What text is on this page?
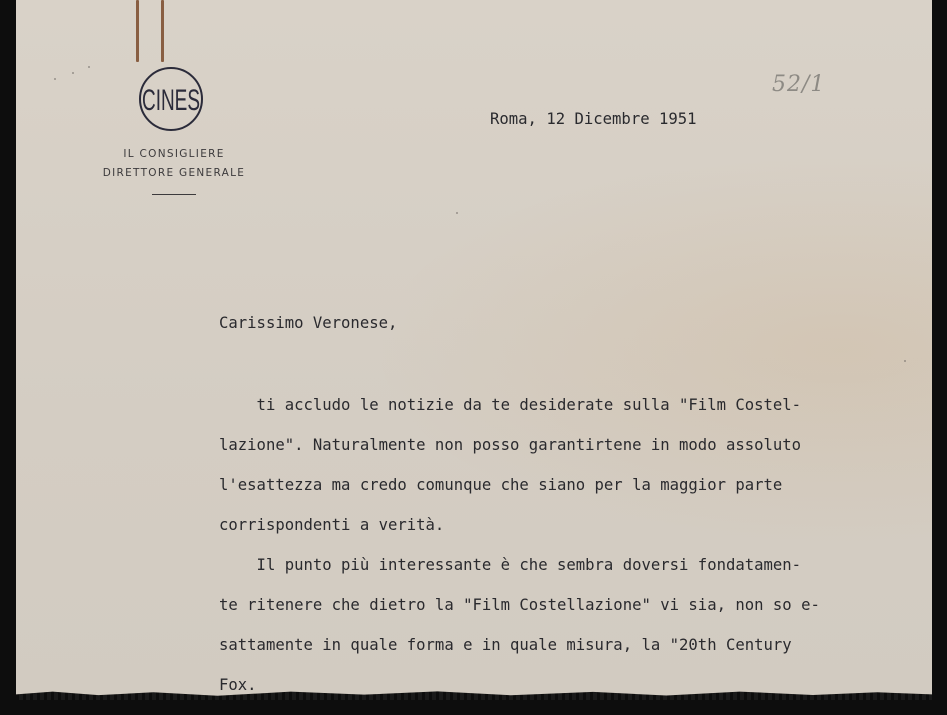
CINES
IL CONSIGLIERE
DIRETTORE GENERALE
52/1
Roma, 12 Dicembre 1951
Carissimo Veronese,
ti accludo le notizie da te desiderate sulla "Film Costel-
lazione". Naturalmente non posso garantirtene in modo assoluto
l'esattezza ma credo comunque che siano per la maggior parte
corrispondenti a verità.
Il punto più interessante è che sembra doversi fondatamen-
te ritenere che dietro la "Film Costellazione" vi sia, non so e-
sattamente in quale forma e in quale misura, la "20th Century
Fox.
